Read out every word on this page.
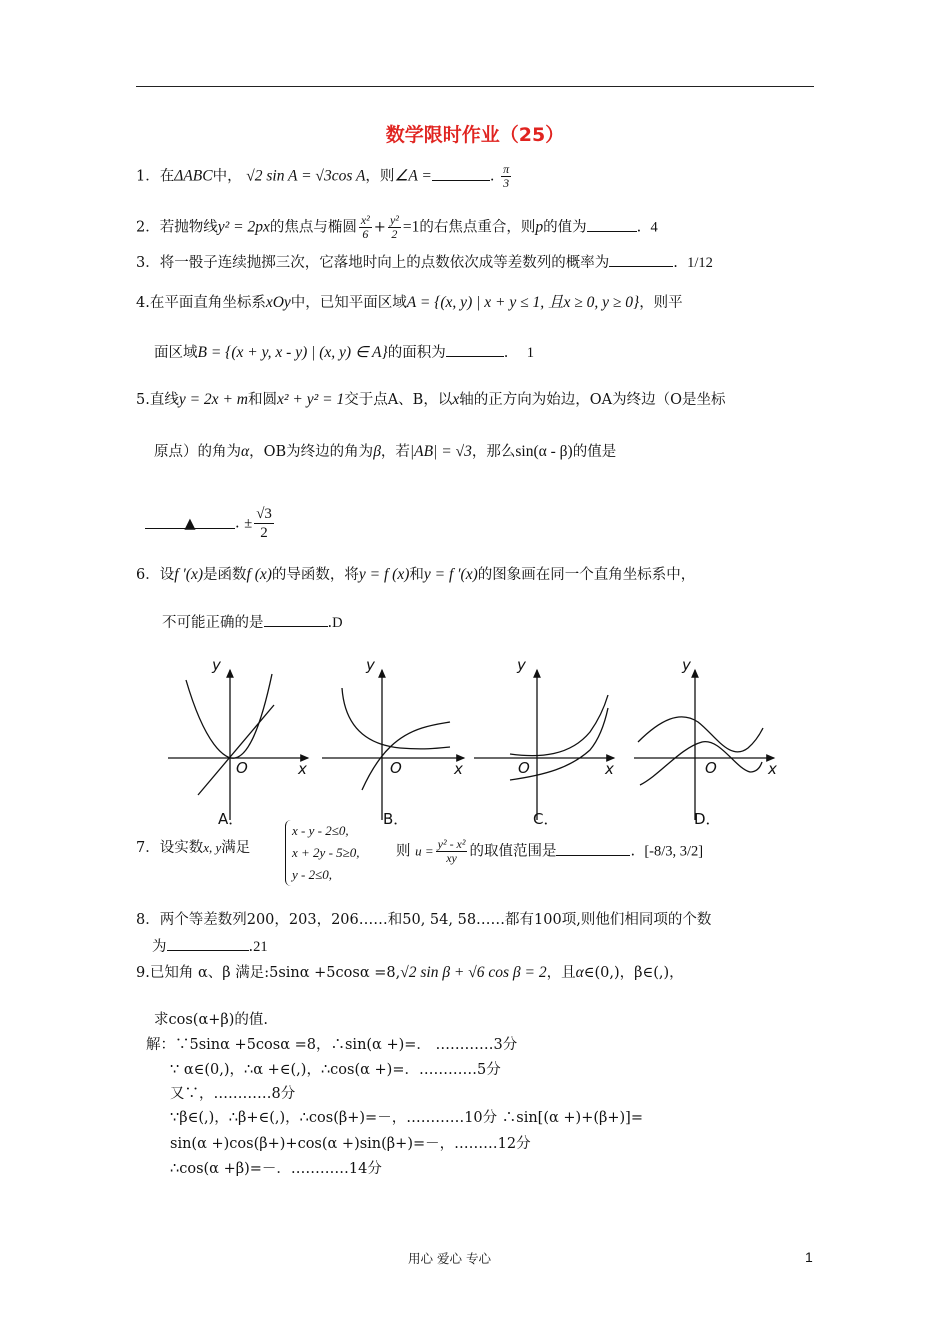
数学限时作业（25）
1．在ΔABC中， √2 sin A = √3cos A，则∠A =	. $\frac{\pi}{3}$
2．若抛物线y² = 2px的焦点与椭圆 $\frac{\text{x²}}{6} + \frac{\text{y²}}{2} =1$的右焦点重合，则p的值为	. 4
3．将一骰子连续抛掷三次，它落地时向上的点数依次成等差数列的概率为	. 1/12
4.在平面直角坐标系xOy中，已知平面区域A = {(x, y) | x + y ≤ 1, 且x ≥ 0, y ≥ 0}，则平
面区域B = {(x + y, x - y) | (x, y) ∈ A}的面积为	. 1
5.直线y = 2x + m和圆x² + y² = 1交于点A、B，以x轴的正方向为始边，OA为终边（O是坐标
原点）的角为α，OB为终边的角为β，若|AB| = √3，那么sin(α - β)的值是
▲	. ± $\frac{√3}{2}$
6．设f ′(x)是函数f (x)的导函数，将y = f (x)和y = f ′(x)的图象画在同一个直角坐标系中，
不可能正确的是	.D
y
x
O
A．
y
x
O
B．
y
x
O
C．
y
x
O
D．
7．设实数x, y满足
x - y - 2≤0,
x + 2y - 5≥0,
y - 2≤0,
则 $u = \frac{\text{y² - x²}}{xy}$ 的取值范围是	. [-8/3, 3/2]
8．两个等差数列200，203，206……和50, 54, 58……都有100项,则他们相同项的个数
为	.21
9.已知角 α、β 满足:5sinα +5cosα =8,√2 sin β + √6 cos β = 2，且α∈(0,)，β∈(,)，
求cos(α+β)的值.
解：∵5sinα +5cosα =8，∴sin(α +)=． …………3分
∵ α∈(0,)，∴α +∈(,)，∴cos(α +)=．…………5分
又∵，…………8分
∵β∈(,)，∴β+∈(,)，∴cos(β+)=－，…………10分 ∴sin[(α +)+(β+)]=
sin(α +)cos(β+)+cos(α +)sin(β+)=－，………12分
∴cos(α +β)=－．…………14分
用心 爱心 专心	1
